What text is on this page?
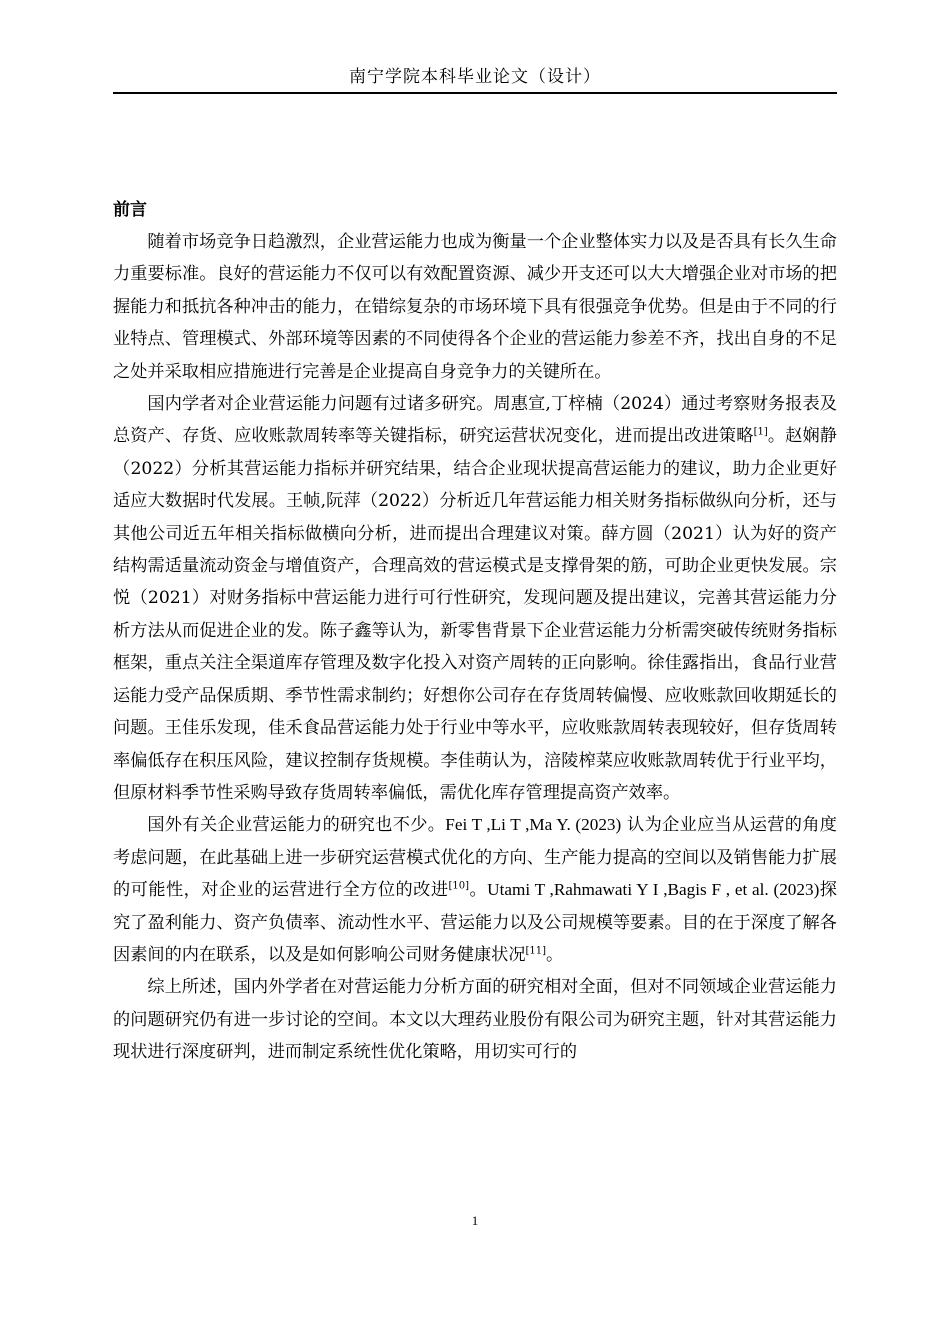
南宁学院本科毕业论文（设计）

前言

随着市场竞争日趋激烈，企业营运能力也成为衡量一个企业整体实力以及是否具有长久生命力重要标准。良好的营运能力不仅可以有效配置资源、减少开支还可以大大增强企业对市场的把握能力和抵抗各种冲击的能力，在错综复杂的市场环境下具有很强竞争优势。但是由于不同的行业特点、管理模式、外部环境等因素的不同使得各个企业的营运能力参差不齐，找出自身的不足之处并采取相应措施进行完善是企业提高自身竞争力的关键所在。

国内学者对企业营运能力问题有过诸多研究。周惠宣,丁梓楠（2024）通过考察财务报表及总资产、存货、应收账款周转率等关键指标，研究运营状况变化，进而提出改进策略[1]。赵娴静（2022）分析其营运能力指标并研究结果，结合企业现状提高营运能力的建议，助力企业更好适应大数据时代发展。王帧,阮萍（2022）分析近几年营运能力相关财务指标做纵向分析，还与其他公司近五年相关指标做横向分析，进而提出合理建议对策。薛方圆（2021）认为好的资产结构需适量流动资金与增值资产，合理高效的营运模式是支撑骨架的筋，可助企业更快发展。宗悦（2021）对财务指标中营运能力进行可行性研究，发现问题及提出建议，完善其营运能力分析方法从而促进企业的发。陈子鑫等认为，新零售背景下企业营运能力分析需突破传统财务指标框架，重点关注全渠道库存管理及数字化投入对资产周转的正向影响。徐佳露指出，食品行业营运能力受产品保质期、季节性需求制约；好想你公司存在存货周转偏慢、应收账款回收期延长的问题。王佳乐发现，佳禾食品营运能力处于行业中等水平，应收账款周转表现较好，但存货周转率偏低存在积压风险，建议控制存货规模。李佳萌认为，涪陵榨菜应收账款周转优于行业平均，但原材料季节性采购导致存货周转率偏低，需优化库存管理提高资产效率。

国外有关企业营运能力的研究也不少。Fei T ,Li T ,Ma Y. (2023) 认为企业应当从运营的角度考虑问题，在此基础上进一步研究运营模式优化的方向、生产能力提高的空间以及销售能力扩展的可能性，对企业的运营进行全方位的改进[10]。Utami T ,Rahmawati Y I ,Bagis F , et al. (2023)探究了盈利能力、资产负债率、流动性水平、营运能力以及公司规模等要素。目的在于深度了解各因素间的内在联系，以及是如何影响公司财务健康状况[11]。

综上所述，国内外学者在对营运能力分析方面的研究相对全面，但对不同领域企业营运能力的问题研究仍有进一步讨论的空间。本文以大理药业股份有限公司为研究主题，针对其营运能力现状进行深度研判，进而制定系统性优化策略，用切实可行的

1
